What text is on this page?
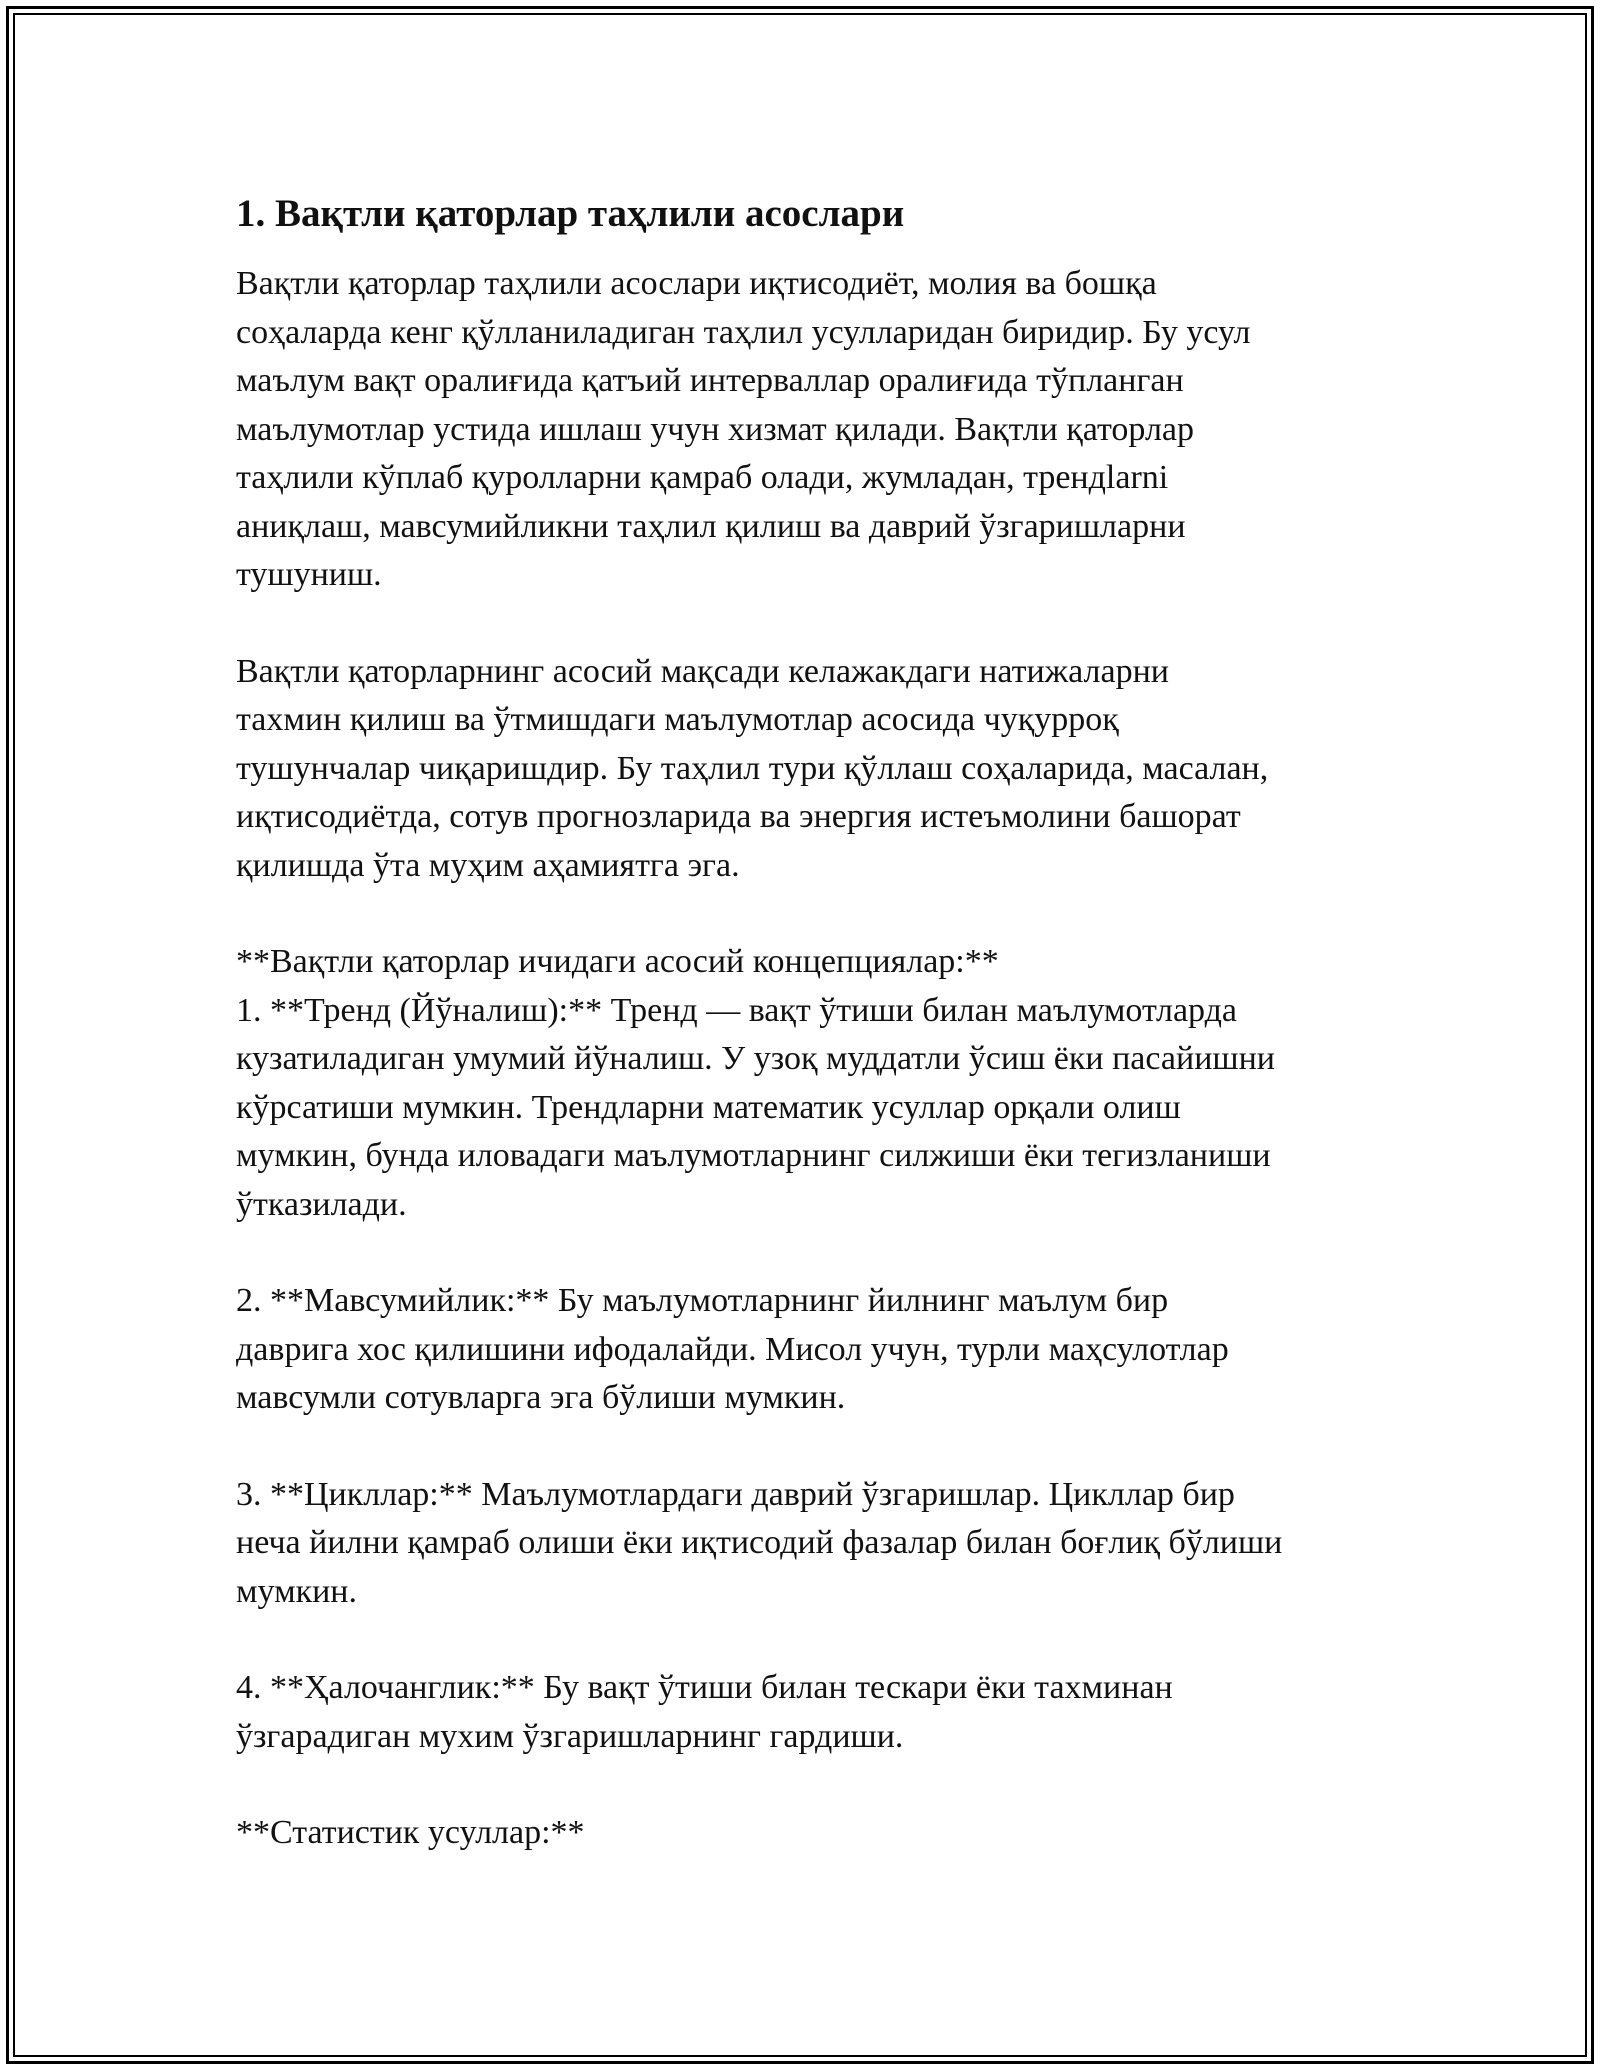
1. Вақтли қаторлар таҳлили асослари

Вақтли қаторлар таҳлили асослари иқтисодиёт, молия ва бошқа
соҳаларда кенг қўлланиладиган таҳлил усулларидан биридир. Бу усул
маълум вақт оралиғида қатъий интерваллар оралиғида тўпланган
маълумотлар устида ишлаш учун хизмат қилади. Вақтли қаторлар
таҳлили кўплаб қуролларни қамраб олади, жумладан, трендlarni
аниқлаш, мавсумийликни таҳлил қилиш ва даврий ўзгаришларни
тушуниш.

Вақтли қаторларнинг асосий мақсади келажакдаги натижаларни
тахмин қилиш ва ўтмишдаги маълумотлар асосида чуқурроқ
тушунчалар чиқаришдир. Бу таҳлил тури қўллаш соҳаларида, масалан,
иқтисодиётда, сотув прогнозларида ва энергия истеъмолини башорат
қилишда ўта муҳим аҳамиятга эга.

**Вақтли қаторлар ичидаги асосий концепциялар:**
1. **Тренд (Йўналиш):** Тренд — вақт ўтиши билан маълумотларда
кузатиладиган умумий йўналиш. У узоқ муддатли ўсиш ёки пасайишни
кўрсатиши мумкин. Трендларни математик усуллар орқали олиш
мумкин, бунда иловадаги маълумотларнинг силжиши ёки тегизланиши
ўтказилади.

2. **Мавсумийлик:** Бу маълумотларнинг йилнинг маълум бир
даврига хос қилишини ифодалайди. Мисол учун, турли маҳсулотлар
мавсумли сотувларга эга бўлиши мумкин.

3. **Цикллар:** Маълумотлардаги даврий ўзгаришлар. Цикллар бир
неча йилни қамраб олиши ёки иқтисодий фазалар билан боғлиқ бўлиши
мумкин.

4. **Ҳалочанглик:** Бу вақт ўтиши билан тескари ёки тахминан
ўзгарадиган мухим ўзгаришларнинг гардиши.

**Статистик усуллар:**
